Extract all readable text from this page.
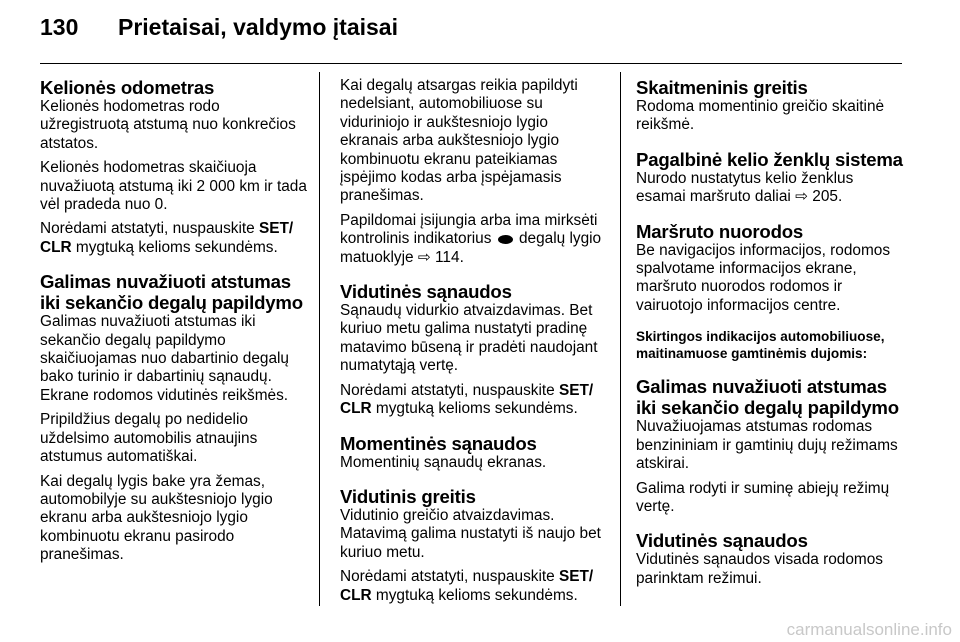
130 Prietaisai, valdymo įtaisai
Kelionės odometras

Kelionės hodometras rodo užregistruotą atstumą nuo konkrečios atstatos.

Kelionės hodometras skaičiuoja nuvažiuotą atstumą iki 2 000 km ir tada vėl pradeda nuo 0.

Norėdami atstatyti, nuspauskite SET/ CLR mygtuką kelioms sekundėms.

Galimas nuvažiuoti atstumas iki sekančio degalų papildymo

Galimas nuvažiuoti atstumas iki sekančio degalų papildymo skaičiuojamas nuo dabartinio degalų bako turinio ir dabartinių sąnaudų. Ekrane rodomos vidutinės reikšmės.

Pripildžius degalų po nedidelio uždelsimo automobilis atnaujins atstumus automatiškai.

Kai degalų lygis bake yra žemas, automobilyje su aukštesniojo lygio ekranu arba aukštesniojo lygio kombinuotu ekranu pasirodo pranešimas.

Kai degalų atsargas reikia papildyti nedelsiant, automobiliuose su viduriniojo ir aukštesniojo lygio ekranais arba aukštesniojo lygio kombinuotu ekranu pateikiamas įspėjimo kodas arba įspėjamasis pranešimas.

Papildomai įsijungia arba ima mirksėti kontrolinis indikatorius  degalų lygio matuoklyje ⇨ 114.

Vidutinės sąnaudos

Sąnaudų vidurkio atvaizdavimas. Bet kuriuo metu galima nustatyti pradinę matavimo būseną ir pradėti naudojant numatytąją vertę.

Norėdami atstatyti, nuspauskite SET/ CLR mygtuką kelioms sekundėms.

Momentinės sąnaudos

Momentinių sąnaudų ekranas.

Vidutinis greitis

Vidutinio greičio atvaizdavimas. Matavimą galima nustatyti iš naujo bet kuriuo metu.

Norėdami atstatyti, nuspauskite SET/ CLR mygtuką kelioms sekundėms.

Skaitmeninis greitis

Rodoma momentinio greičio skaitinė reikšmė.

Pagalbinė kelio ženklų sistema

Nurodo nustatytus kelio ženklus esamai maršruto daliai ⇨ 205.

Maršruto nuorodos

Be navigacijos informacijos, rodomos spalvotame informacijos ekrane, maršruto nuorodos rodomos ir vairuotojo informacijos centre.

Skirtingos indikacijos automobiliuose, maitinamuose gamtinėmis dujomis:
Galimas nuvažiuoti atstumas iki sekančio degalų papildymo

Nuvažiuojamas atstumas rodomas benzininiam ir gamtinių dujų režimams atskirai.

Galima rodyti ir suminę abiejų režimų vertę.

Vidutinės sąnaudos

Vidutinės sąnaudos visada rodomos parinktam režimui.

carmanualsonline.info
